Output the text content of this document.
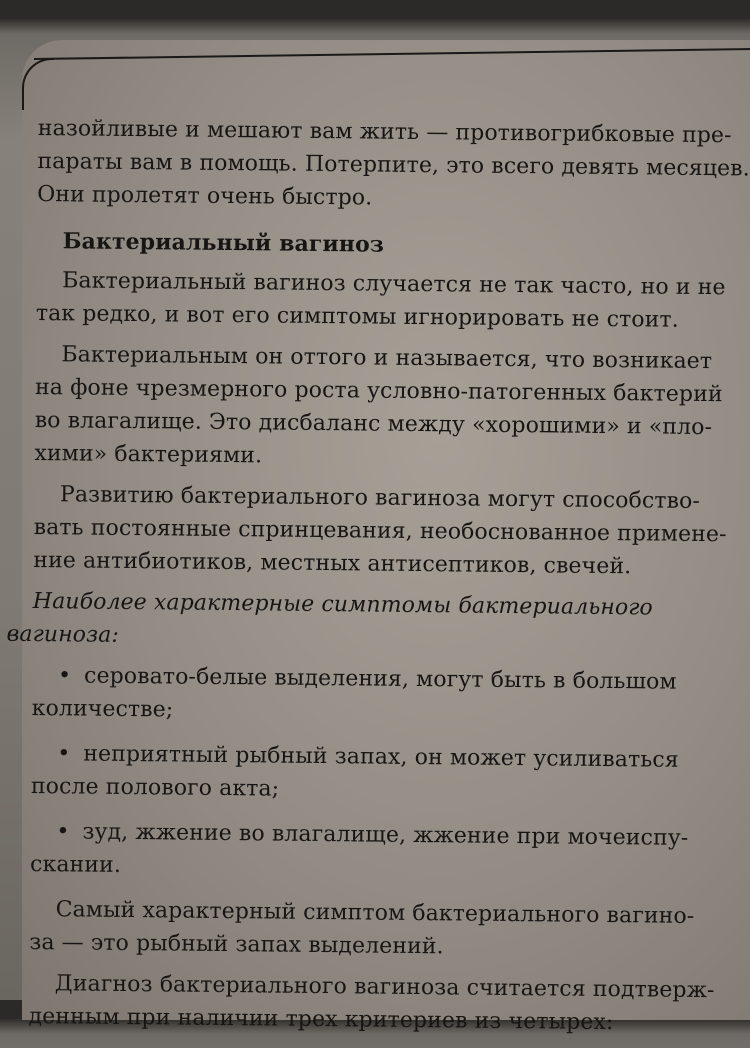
назойливые и мешают вам жить — противогрибковые пре-
параты вам в помощь. Потерпите, это всего девять месяцев.
Они пролетят очень быстро.

Бактериальный вагиноз

Бактериальный вагиноз случается не так часто, но и не
так редко, и вот его симптомы игнорировать не стоит.

Бактериальным он оттого и называется, что возникает
на фоне чрезмерного роста условно-патогенных бактерий
во влагалище. Это дисбаланс между «хорошими» и «пло-
хими» бактериями.

Развитию бактериального вагиноза могут способство-
вать постоянные спринцевания, необоснованное примене-
ние антибиотиков, местных антисептиков, свечей.

Наиболее характерные симптомы бактериального
вагиноза:

• серовато-белые выделения, могут быть в большом
количестве;
• неприятный рыбный запах, он может усиливаться
после полового акта;
• зуд, жжение во влагалище, жжение при мочеиспу-
скании.

Самый характерный симптом бактериального вагино-
за — это рыбный запах выделений.

Диагноз бактериального вагиноза считается подтверж-
денным при наличии трех критериев из четырех:
